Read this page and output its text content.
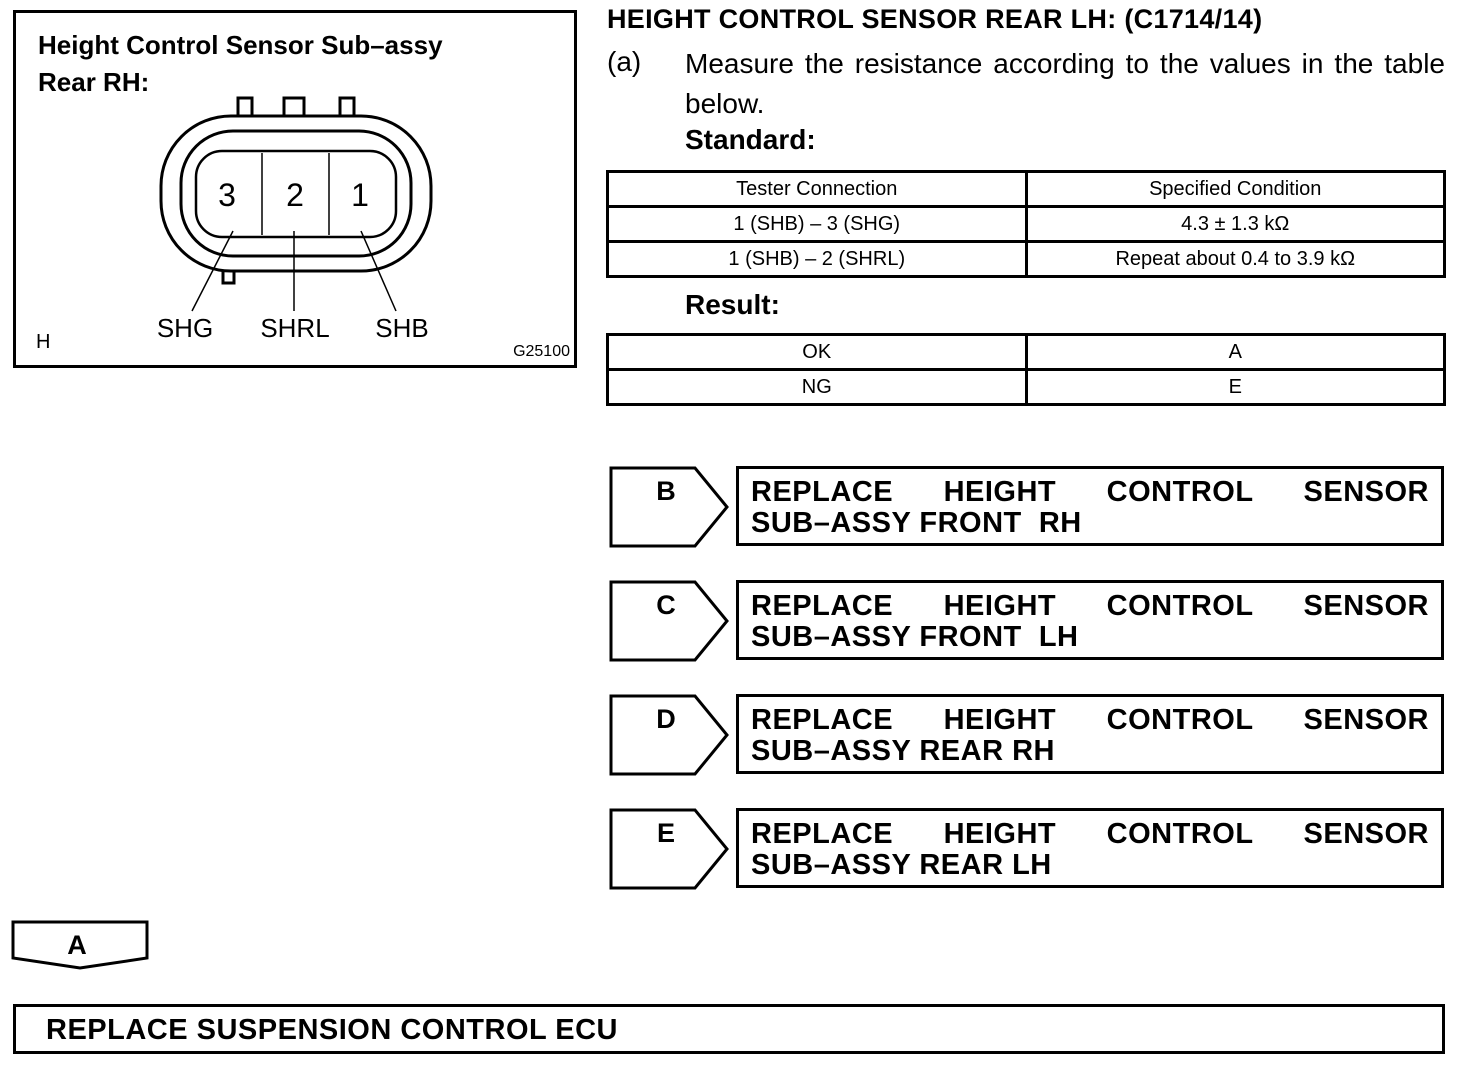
3 2 1
SHG SHRL SHB
Height Control Sensor Sub–assy
Rear RH:
H	G25100
HEIGHT CONTROL SENSOR REAR LH: (C1714/14)
(a) Measure the resistance according to the values in the table below.
Standard:
Tester Connection	Specified Condition
1 (SHB) – 3 (SHG)	4.3 ± 1.3 kΩ
1 (SHB) – 2 (SHRL)	Repeat about 0.4 to 3.9 kΩ
Result:
OK	A
NG	E
B	REPLACE HEIGHT CONTROL SENSOR
SUB–ASSY FRONT  RH
C	REPLACE HEIGHT CONTROL SENSOR
SUB–ASSY FRONT  LH
D	REPLACE HEIGHT CONTROL SENSOR
SUB–ASSY REAR RH
E	REPLACE HEIGHT CONTROL SENSOR
SUB–ASSY REAR LH
A
REPLACE SUSPENSION CONTROL ECU
